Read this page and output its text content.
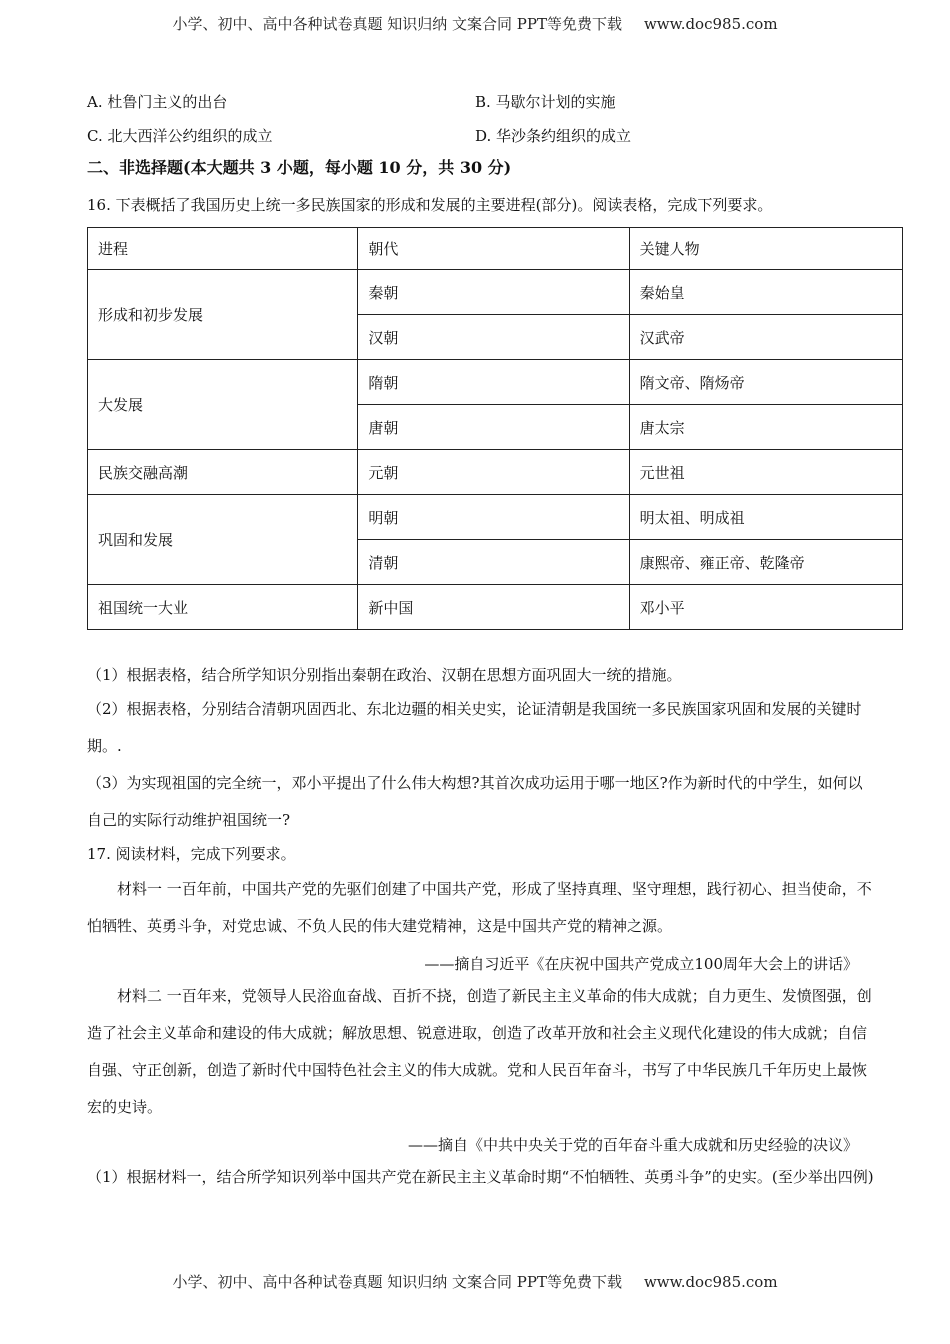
小学、初中、高中各种试卷真题 知识归纳 文案合同 PPT等免费下载 www.doc985.com
A. 杜鲁门主义的出台	B. 马歇尔计划的实施
C. 北大西洋公约组织的成立	D. 华沙条约组织的成立
二、非选择题(本大题共 3 小题，每小题 10 分，共 30 分)
16. 下表概括了我国历史上统一多民族国家的形成和发展的主要进程(部分)。阅读表格，完成下列要求。
进程	朝代	关键人物
形成和初步发展	秦朝	秦始皇
	汉朝	汉武帝
大发展	隋朝	隋文帝、隋炀帝
	唐朝	唐太宗
民族交融高潮	元朝	元世祖
巩固和发展	明朝	明太祖、明成祖
	清朝	康熙帝、雍正帝、乾隆帝
祖国统一大业	新中国	邓小平
（1）根据表格，结合所学知识分别指出秦朝在政治、汉朝在思想方面巩固大一统的措施。
（2）根据表格，分别结合清朝巩固西北、东北边疆的相关史实，论证清朝是我国统一多民族国家巩固和发展的关键时期。.
（3）为实现祖国的完全统一，邓小平提出了什么伟大构想?其首次成功运用于哪一地区?作为新时代的中学生，如何以自己的实际行动维护祖国统一?
17. 阅读材料，完成下列要求。
材料一 一百年前，中国共产党的先驱们创建了中国共产党，形成了坚持真理、坚守理想，践行初心、担当使命，不怕牺牲、英勇斗争，对党忠诚、不负人民的伟大建党精神，这是中国共产党的精神之源。
——摘自习近平《在庆祝中国共产党成立100周年大会上的讲话》
材料二 一百年来，党领导人民浴血奋战、百折不挠，创造了新民主主义革命的伟大成就；自力更生、发愤图强，创造了社会主义革命和建设的伟大成就；解放思想、锐意进取，创造了改革开放和社会主义现代化建设的伟大成就；自信自强、守正创新，创造了新时代中国特色社会主义的伟大成就。党和人民百年奋斗，书写了中华民族几千年历史上最恢宏的史诗。
——摘自《中共中央关于党的百年奋斗重大成就和历史经验的决议》
（1）根据材料一，结合所学知识列举中国共产党在新民主主义革命时期“不怕牺牲、英勇斗争”的史实。(至少举出四例)
小学、初中、高中各种试卷真题 知识归纳 文案合同 PPT等免费下载 www.doc985.com
